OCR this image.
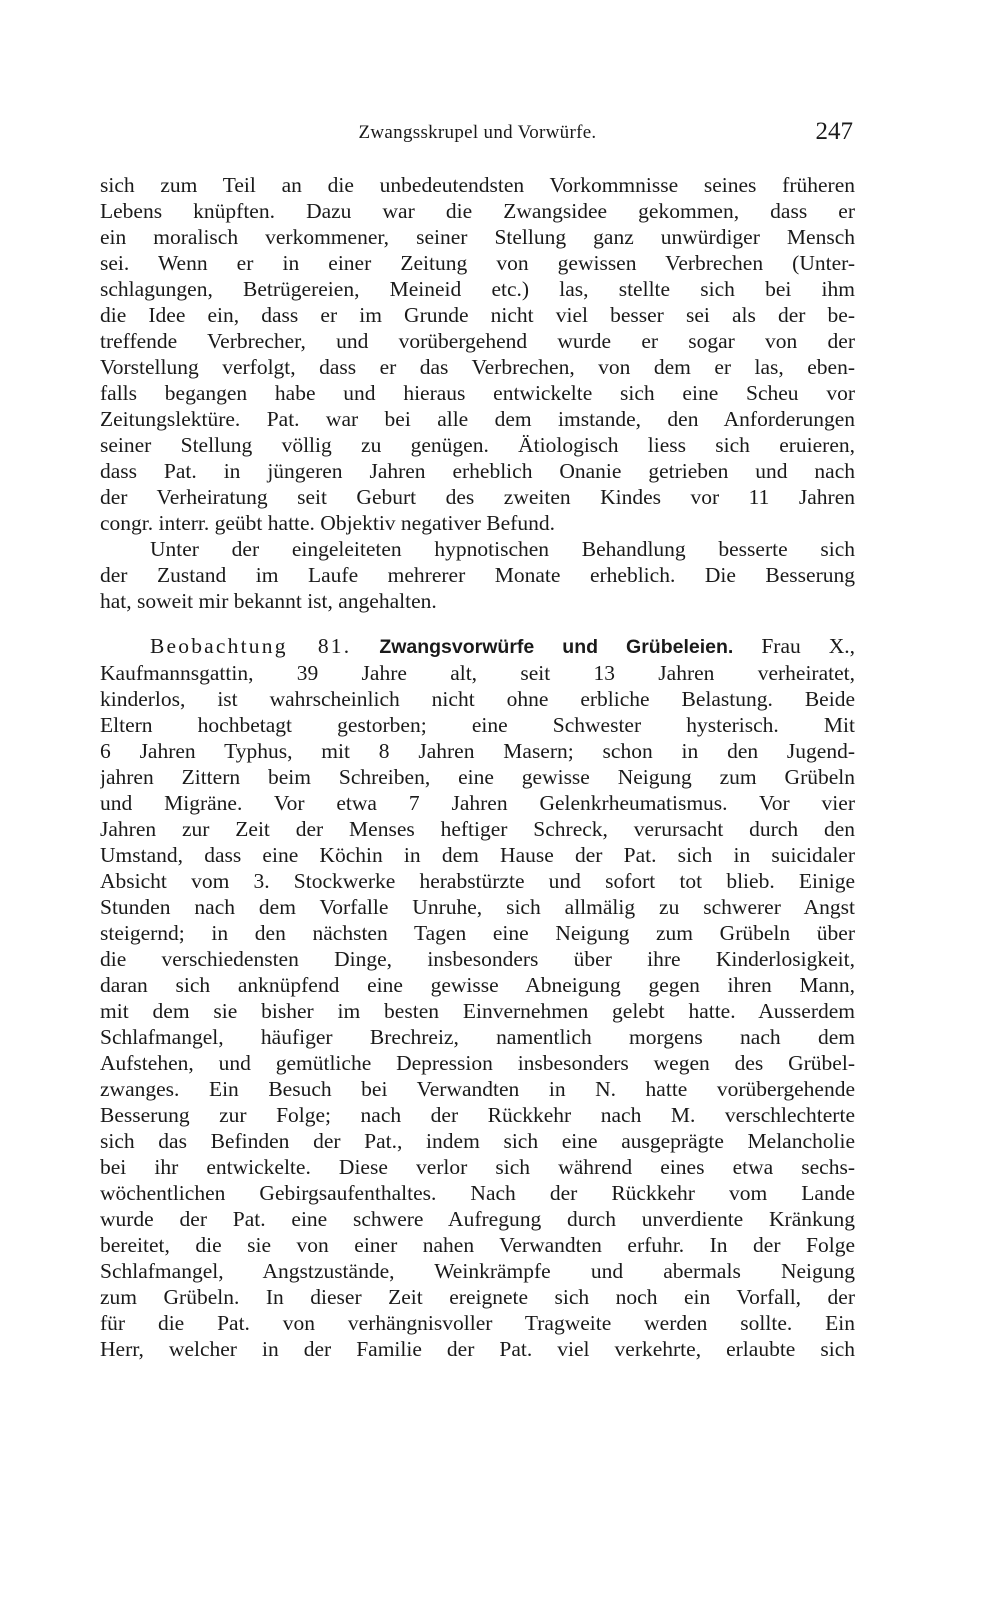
Zwangsskrupel und Vorwürfe.	247

sich zum Teil an die unbedeutendsten Vorkommnisse seines früheren
Lebens knüpften. Dazu war die Zwangsidee gekommen, dass er
ein moralisch verkommener, seiner Stellung ganz unwürdiger Mensch
sei. Wenn er in einer Zeitung von gewissen Verbrechen (Unter-
schlagungen, Betrügereien, Meineid etc.) las, stellte sich bei ihm
die Idee ein, dass er im Grunde nicht viel besser sei als der be-
treffende Verbrecher, und vorübergehend wurde er sogar von der
Vorstellung verfolgt, dass er das Verbrechen, von dem er las, eben-
falls begangen habe und hieraus entwickelte sich eine Scheu vor
Zeitungslektüre. Pat. war bei alle dem imstande, den Anforderungen
seiner Stellung völlig zu genügen. Ätiologisch liess sich eruieren,
dass Pat. in jüngeren Jahren erheblich Onanie getrieben und nach
der Verheiratung seit Geburt des zweiten Kindes vor 11 Jahren
congr. interr. geübt hatte. Objektiv negativer Befund.

Unter der eingeleiteten hypnotischen Behandlung besserte sich
der Zustand im Laufe mehrerer Monate erheblich. Die Besserung
hat, soweit mir bekannt ist, angehalten.

Beobachtung 81. Zwangsvorwürfe und Grübeleien. Frau X.,
Kaufmannsgattin, 39 Jahre alt, seit 13 Jahren verheiratet,
kinderlos, ist wahrscheinlich nicht ohne erbliche Belastung. Beide
Eltern hochbetagt gestorben; eine Schwester hysterisch. Mit
6 Jahren Typhus, mit 8 Jahren Masern; schon in den Jugend-
jahren Zittern beim Schreiben, eine gewisse Neigung zum Grübeln
und Migräne. Vor etwa 7 Jahren Gelenkrheumatismus. Vor vier
Jahren zur Zeit der Menses heftiger Schreck, verursacht durch den
Umstand, dass eine Köchin in dem Hause der Pat. sich in suicidaler
Absicht vom 3. Stockwerke herabstürzte und sofort tot blieb. Einige
Stunden nach dem Vorfalle Unruhe, sich allmälig zu schwerer Angst
steigernd; in den nächsten Tagen eine Neigung zum Grübeln über
die verschiedensten Dinge, insbesonders über ihre Kinderlosigkeit,
daran sich anknüpfend eine gewisse Abneigung gegen ihren Mann,
mit dem sie bisher im besten Einvernehmen gelebt hatte. Ausserdem
Schlafmangel, häufiger Brechreiz, namentlich morgens nach dem
Aufstehen, und gemütliche Depression insbesonders wegen des Grübel-
zwanges. Ein Besuch bei Verwandten in N. hatte vorübergehende
Besserung zur Folge; nach der Rückkehr nach M. verschlechterte
sich das Befinden der Pat., indem sich eine ausgeprägte Melancholie
bei ihr entwickelte. Diese verlor sich während eines etwa sechs-
wöchentlichen Gebirgsaufenthaltes. Nach der Rückkehr vom Lande
wurde der Pat. eine schwere Aufregung durch unverdiente Kränkung
bereitet, die sie von einer nahen Verwandten erfuhr. In der Folge
Schlafmangel, Angstzustände, Weinkrämpfe und abermals Neigung
zum Grübeln. In dieser Zeit ereignete sich noch ein Vorfall, der
für die Pat. von verhängnisvoller Tragweite werden sollte. Ein
Herr, welcher in der Familie der Pat. viel verkehrte, erlaubte sich
